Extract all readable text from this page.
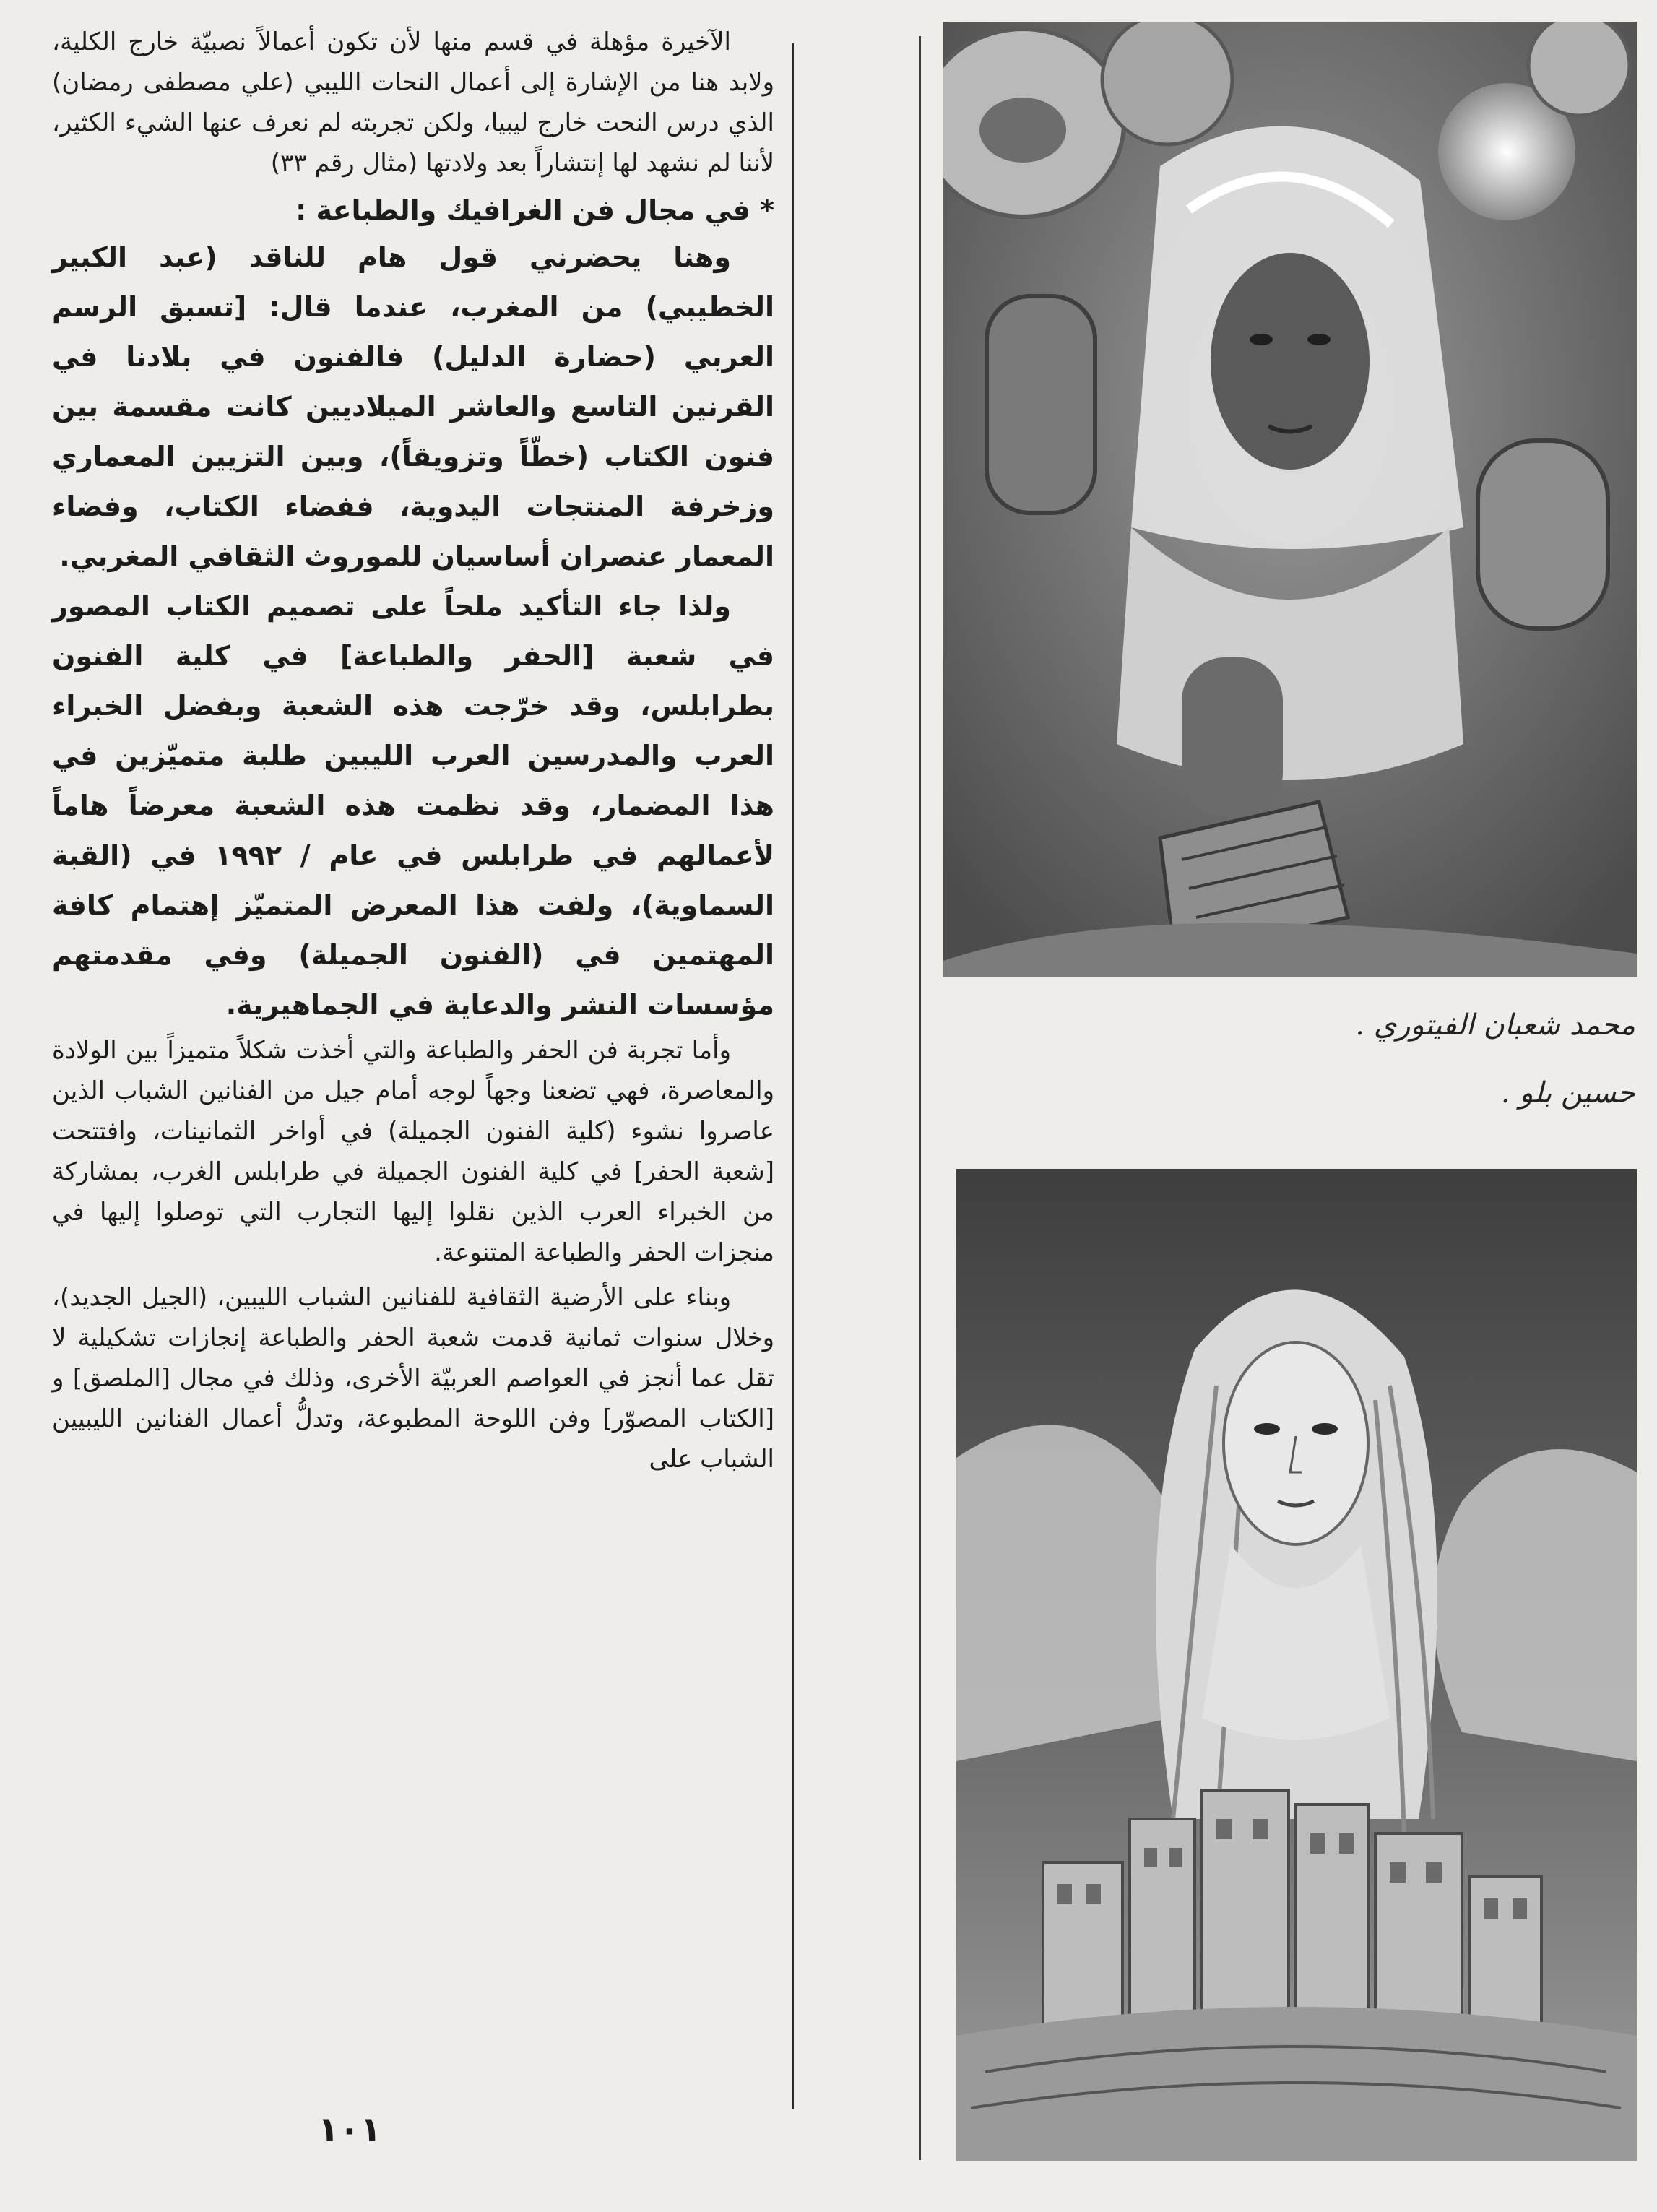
الآخيرة مؤهلة في قسم منها لأن تكون أعمالاً نصبيّة خارج الكلية، ولابد هنا من الإشارة إلى أعمال النحات الليبي (علي مصطفى رمضان) الذي درس النحت خارج ليبيا، ولكن تجربته لم نعرف عنها الشيء الكثير، لأننا لم نشهد لها إنتشاراً بعد ولادتها (مثال رقم ٣٣)

* في مجال فن الغرافيك والطباعة :

وهنا يحضرني قول هام للناقد (عبد الكبير الخطيبي) من المغرب، عندما قال: [تسبق الرسم العربي (حضارة الدليل) فالفنون في بلادنا في القرنين التاسع والعاشر الميلاديين كانت مقسمة بين فنون الكتاب (خطّاً وتزويقاً)، وبين التزيين المعماري وزخرفة المنتجات اليدوية، ففضاء الكتاب، وفضاء المعمار عنصران أساسيان للموروث الثقافي المغربي.

ولذا جاء التأكيد ملحاً على تصميم الكتاب المصور في شعبة [الحفر والطباعة] في كلية الفنون بطرابلس، وقد خرّجت هذه الشعبة وبفضل الخبراء العرب والمدرسين العرب الليبين طلبة متميّزين في هذا المضمار، وقد نظمت هذه الشعبة معرضاً هاماً لأعمالهم في طرابلس في عام / ١٩٩٢ في (القبة السماوية)، ولفت هذا المعرض المتميّز إهتمام كافة المهتمين في (الفنون الجميلة) وفي مقدمتهم مؤسسات النشر والدعاية في الجماهيرية.

وأما تجربة فن الحفر والطباعة والتي أخذت شكلاً متميزاً بين الولادة والمعاصرة، فهي تضعنا وجهاً لوجه أمام جيل من الفنانين الشباب الذين عاصروا نشوء (كلية الفنون الجميلة) في أواخر الثمانينات، وافتتحت [شعبة الحفر] في كلية الفنون الجميلة في طرابلس الغرب، بمشاركة من الخبراء العرب الذين نقلوا إليها التجارب التي توصلوا إليها في منجزات الحفر والطباعة المتنوعة.

وبناء على الأرضية الثقافية للفنانين الشباب الليبين، (الجيل الجديد)، وخلال سنوات ثمانية قدمت شعبة الحفر والطباعة إنجازات تشكيلية لا تقل عما أنجز في العواصم العربيّة الأخرى، وذلك في مجال [الملصق] و [الكتاب المصوّر] وفن اللوحة المطبوعة، وتدلُّ أعمال الفنانين الليبيين الشباب على

١٠١
محمد شعبان الفيتوري .
حسين بلو .
